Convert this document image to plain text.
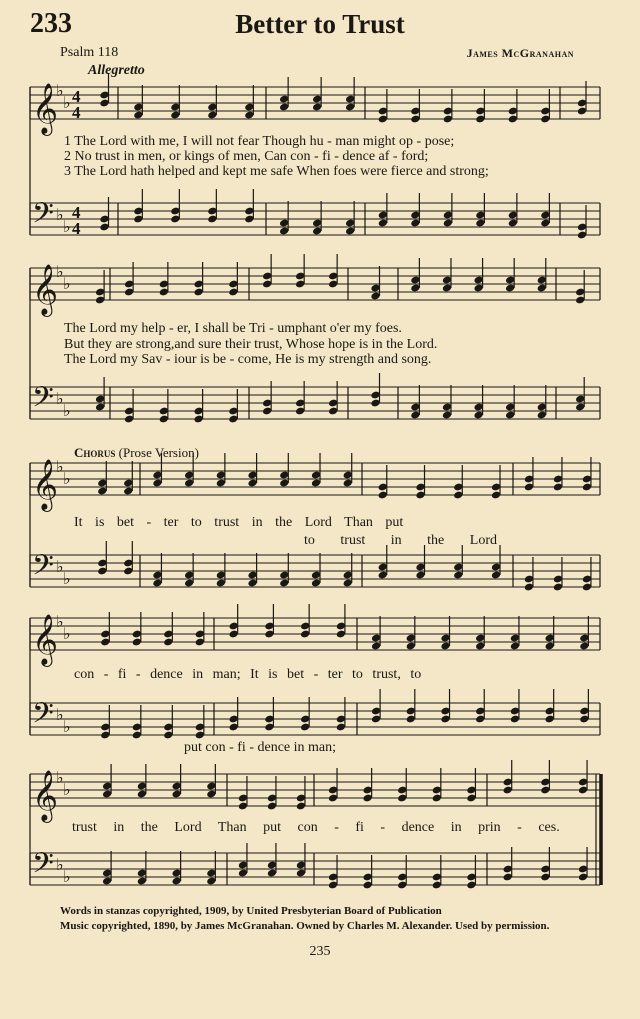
𝄞
♭
♭ 4
4
𝄢 ♭
♭
4
4
𝄞
♭
♭
𝄢 ♭
♭
𝄞
♭
♭
𝄢 ♭
♭
𝄞
♭
♭
𝄢 ♭
♭
𝄞
♭
♭
𝄢 ♭
♭
233	Better to Trust
Psalm 118	James McGranahan
Allegretto
1 The Lord with me, I will not fear Though hu - man might op - pose;
2 No trust in men, or kings of men, Can con - fi - dence af - ford;
3 The Lord hath helped and kept me safe When foes were fierce and strong;
The Lord my help - er, I shall be Tri - umphant o'er my foes.
But they are strong,and sure their trust, Whose hope is in the Lord.
The Lord my Sav - iour is be - come, He is my strength and song.
Chorus (Prose Version)
It is bet - ter to trust in the Lord Than put
to trust in the Lord
con - fi - dence in man; It is bet - ter to trust, to
put con - fi - dence in man;
trust in the Lord Than put con - fi - dence in prin - ces.
Words in stanzas copyrighted, 1909, by United Presbyterian Board of Publication
Music copyrighted, 1890, by James McGranahan. Owned by Charles M. Alexander. Used by permission.
235
